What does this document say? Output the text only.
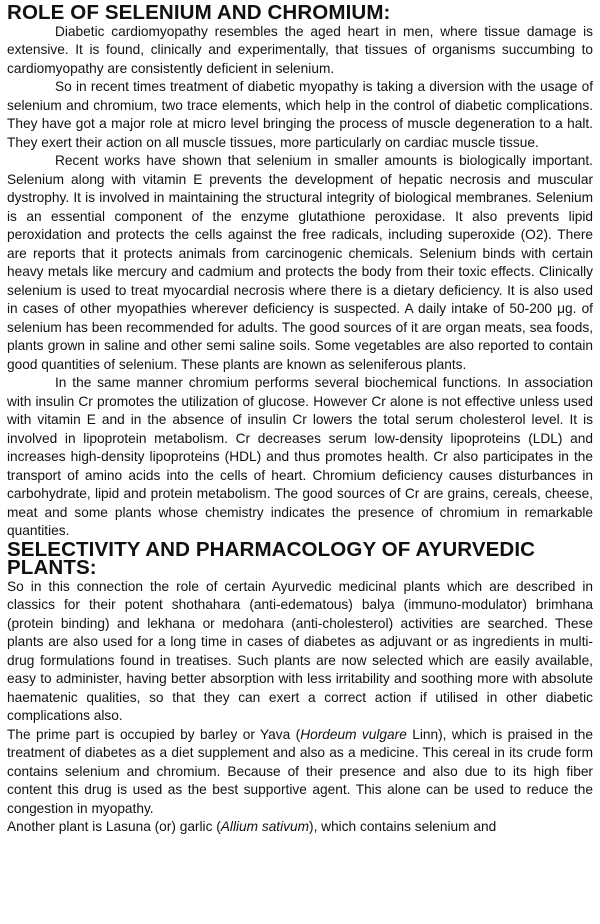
ROLE OF SELENIUM AND CHROMIUM:

Diabetic cardiomyopathy resembles the aged heart in men, where tissue damage is extensive. It is found, clinically and experimentally, that tissues of organisms succumbing to cardiomyopathy are consistently deficient in selenium.

So in recent times treatment of diabetic myopathy is taking a diversion with the usage of selenium and chromium, two trace elements, which help in the control of diabetic complications. They have got a major role at micro level bringing the process of muscle degeneration to a halt. They exert their action on all muscle tissues, more particularly on cardiac muscle tissue.

Recent works have shown that selenium in smaller amounts is biologically important. Selenium along with vitamin E prevents the development of hepatic necrosis and muscular dystrophy. It is involved in maintaining the structural integrity of biological membranes. Selenium is an essential component of the enzyme glutathione peroxidase. It also prevents lipid peroxidation and protects the cells against the free radicals, including superoxide (O2). There are reports that it protects animals from carcinogenic chemicals. Selenium binds with certain heavy metals like mercury and cadmium and protects the body from their toxic effects. Clinically selenium is used to treat myocardial necrosis where there is a dietary deficiency. It is also used in cases of other myopathies wherever deficiency is suspected. A daily intake of 50-200 μg. of selenium has been recommended for adults. The good sources of it are organ meats, sea foods, plants grown in saline and other semi saline soils. Some vegetables are also reported to contain good quantities of selenium. These plants are known as seleniferous plants.

In the same manner chromium performs several biochemical functions. In association with insulin Cr promotes the utilization of glucose. However Cr alone is not effective unless used with vitamin E and in the absence of insulin Cr lowers the total serum cholesterol level. It is involved in lipoprotein metabolism. Cr decreases serum low-density lipoproteins (LDL) and increases high-density lipoproteins (HDL) and thus promotes health. Cr also participates in the transport of amino acids into the cells of heart. Chromium deficiency causes disturbances in carbohydrate, lipid and protein metabolism. The good sources of Cr are grains, cereals, cheese, meat and some plants whose chemistry indicates the presence of chromium in remarkable quantities.

SELECTIVITY AND PHARMACOLOGY OF AYURVEDIC PLANTS:

So in this connection the role of certain Ayurvedic medicinal plants which are described in classics for their potent shothahara (anti-edematous) balya (immuno-modulator) brimhana (protein binding) and lekhana or medohara (anti-cholesterol) activities are searched. These plants are also used for a long time in cases of diabetes as adjuvant or as ingredients in multi-drug formulations found in treatises. Such plants are now selected which are easily available, easy to administer, having better absorption with less irritability and soothing more with absolute haematenic qualities, so that they can exert a correct action if utilised in other diabetic complications also.

The prime part is occupied by barley or Yava (Hordeum vulgare Linn), which is praised in the treatment of diabetes as a diet supplement and also as a medicine. This cereal in its crude form contains selenium and chromium. Because of their presence and also due to its high fiber content this drug is used as the best supportive agent. This alone can be used to reduce the congestion in myopathy.

Another plant is Lasuna (or) garlic (Allium sativum), which contains selenium and
